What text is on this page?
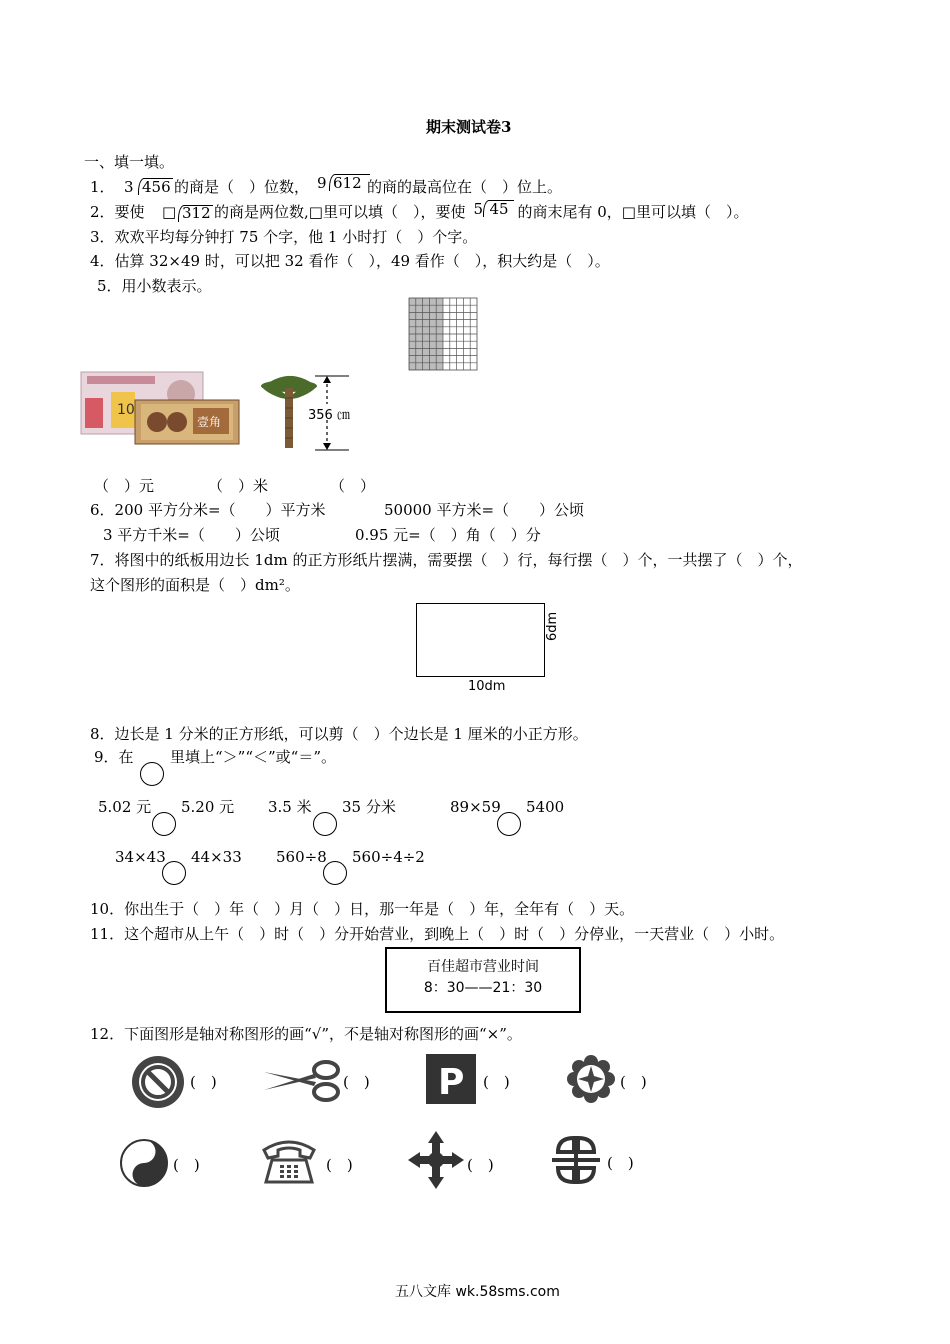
期末测试卷3
一、填一填。
1． 3 456 的商是（　）位数， 9 612 的商的最高位在（　）位上。
2．要使 □ 312 的商是两位数,□里可以填（　），要使 5 45 的商末尾有 0，□里可以填（　）。
3．欢欢平均每分钟打 75 个字，他 1 小时打（　）个字。
4．估算 32×49 时，可以把 32 看作（　），49 看作（　），积大约是（　）。
5．用小数表示。
10
壹角	356 ㎝
（　）元	（　）米	（　）
6．200 平方分米=（　　）平方米	50000 平方米=（　　）公顷
3 平方千米=（　　）公顷	0.95 元=（　）角（　）分
7．将图中的纸板用边长 1dm 的正方形纸片摆满，需要摆（　）行，每行摆（　）个，一共摆了（　）个，
这个图形的面积是（　）dm²。
10dm
6dm
8．边长是 1 分米的正方形纸，可以剪（　）个边长是 1 厘米的小正方形。
9．在 里填上“＞”“＜”或“＝”。
5.02 元 5.20 元 3.5 米 35 分米	89×59 5400
34×43 44×33 560÷8 560÷4÷2
10．你出生于（　）年（　）月（　）日，那一年是（　）年，全年有（　）天。
11．这个超市从上午（　）时（　）分开始营业，到晚上（　）时（　）分停业，一天营业（　）小时。
百佳超市营业时间
8：30——21：30
12．下面图形是轴对称图形的画“√”，不是轴对称图形的画“×”。
(　)	(　) P (　)	(　)
(　)	(　)	(　)	(　)
五八文库 wk.58sms.com
